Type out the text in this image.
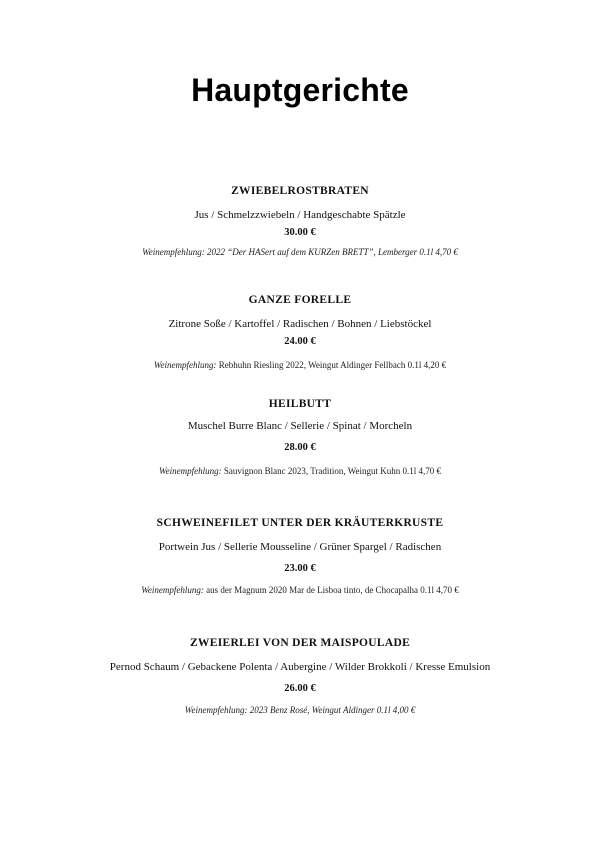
Hauptgerichte
ZWIEBELROSTBRATEN
Jus / Schmelzzwiebeln / Handgeschabte Spätzle
30.00 €
Weinempfehlung: 2022 “Der HASert auf dem KURZen BRETT”, Lemberger 0.1l 4,70 €
GANZE FORELLE
Zitrone Soße / Kartoffel / Radischen / Bohnen / Liebstöckel
24.00 €
Weinempfehlung: Rebhuhn Riesling 2022, Weingut Aldinger Fellbach 0.1l 4,20 €
HEILBUTT
Muschel Burre Blanc / Sellerie / Spinat / Morcheln
28.00 €
Weinempfehlung: Sauvignon Blanc 2023, Tradition, Weingut Kuhn 0.1l 4,70 €
SCHWEINEFILET UNTER DER KRÄUTERKRUSTE
Portwein Jus / Sellerie Mousseline / Grüner Spargel / Radischen
23.00 €
Weinempfehlung: aus der Magnum 2020 Mar de Lisboa tinto, de Chocapalha 0.1l 4,70 €
ZWEIERLEI VON DER MAISPOULADE
Pernod Schaum / Gebackene Polenta / Aubergine / Wilder Brokkoli / Kresse Emulsion
26.00 €
Weinempfehlung: 2023 Benz Rosé, Weingut Aldinger 0.1l 4,00 €
